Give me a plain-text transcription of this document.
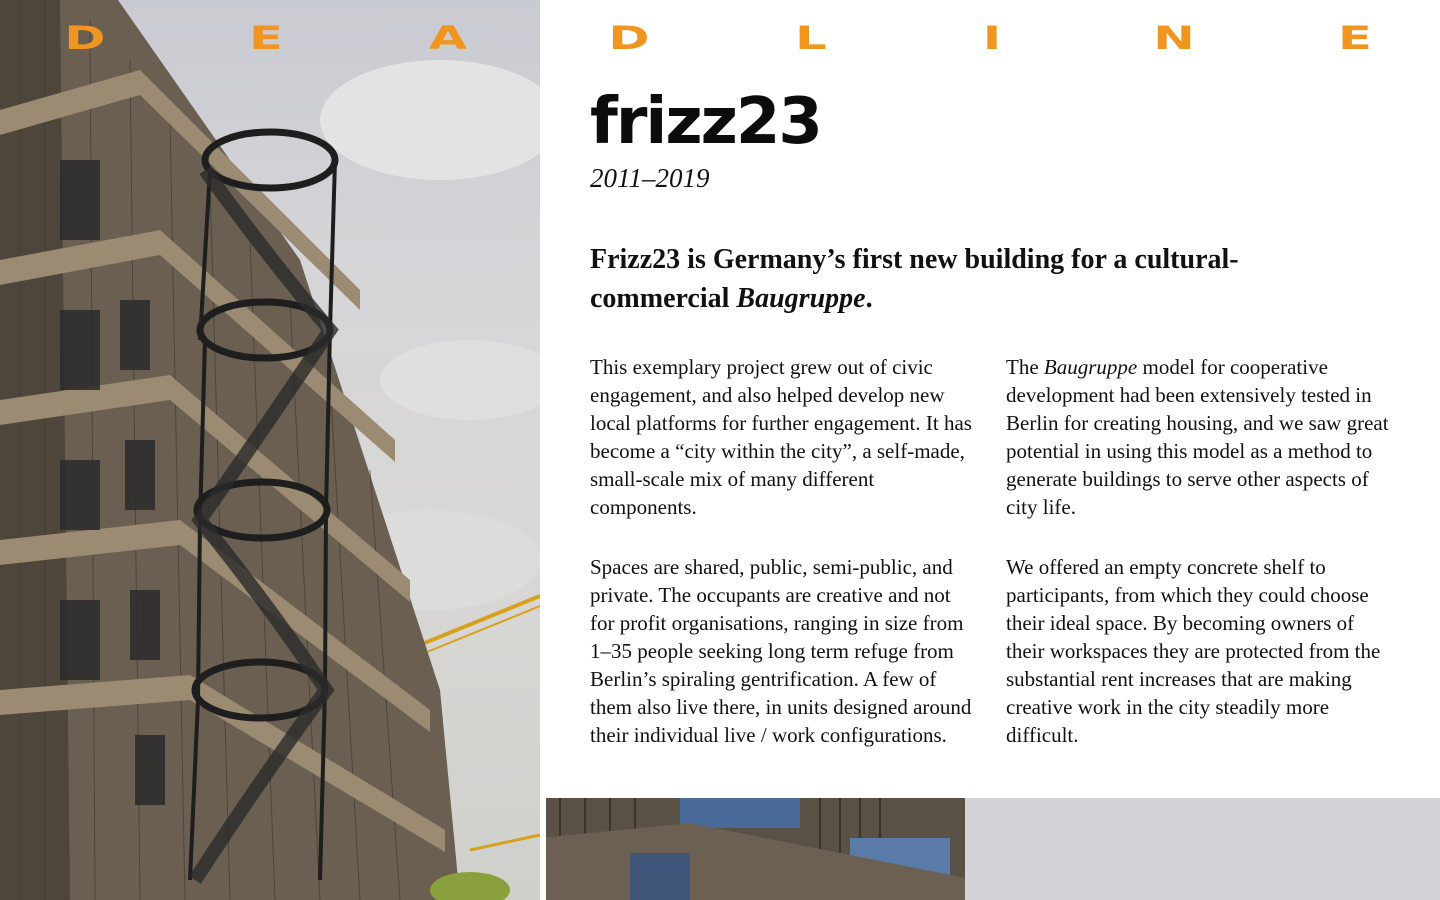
D	E	A	D	L	I	N	E
frizz23
2011–2019
Frizz23 is Germany’s first new building for a cultural-commercial Baugruppe.

This exemplary project grew out of civic engagement, and also helped develop new local platforms for further engagement. It has become a “city within the city”, a self-made, small-scale mix of many different components.

Spaces are shared, public, semi-public, and private. The occupants are creative and not for profit organisations, ranging in size from 1–35 people seeking long term refuge from Berlin’s spiraling gentrification. A few of them also live there, in units designed around their individual live / work configurations.

The Baugruppe model for cooperative development had been extensively tested in Berlin for creating housing, and we saw great potential in using this model as a method to generate buildings to serve other aspects of city life.

We offered an empty concrete shelf to participants, from which they could choose their ideal space. By becoming owners of their workspaces they are protected from the substantial rent increases that are making creative work in the city steadily more difficult.
